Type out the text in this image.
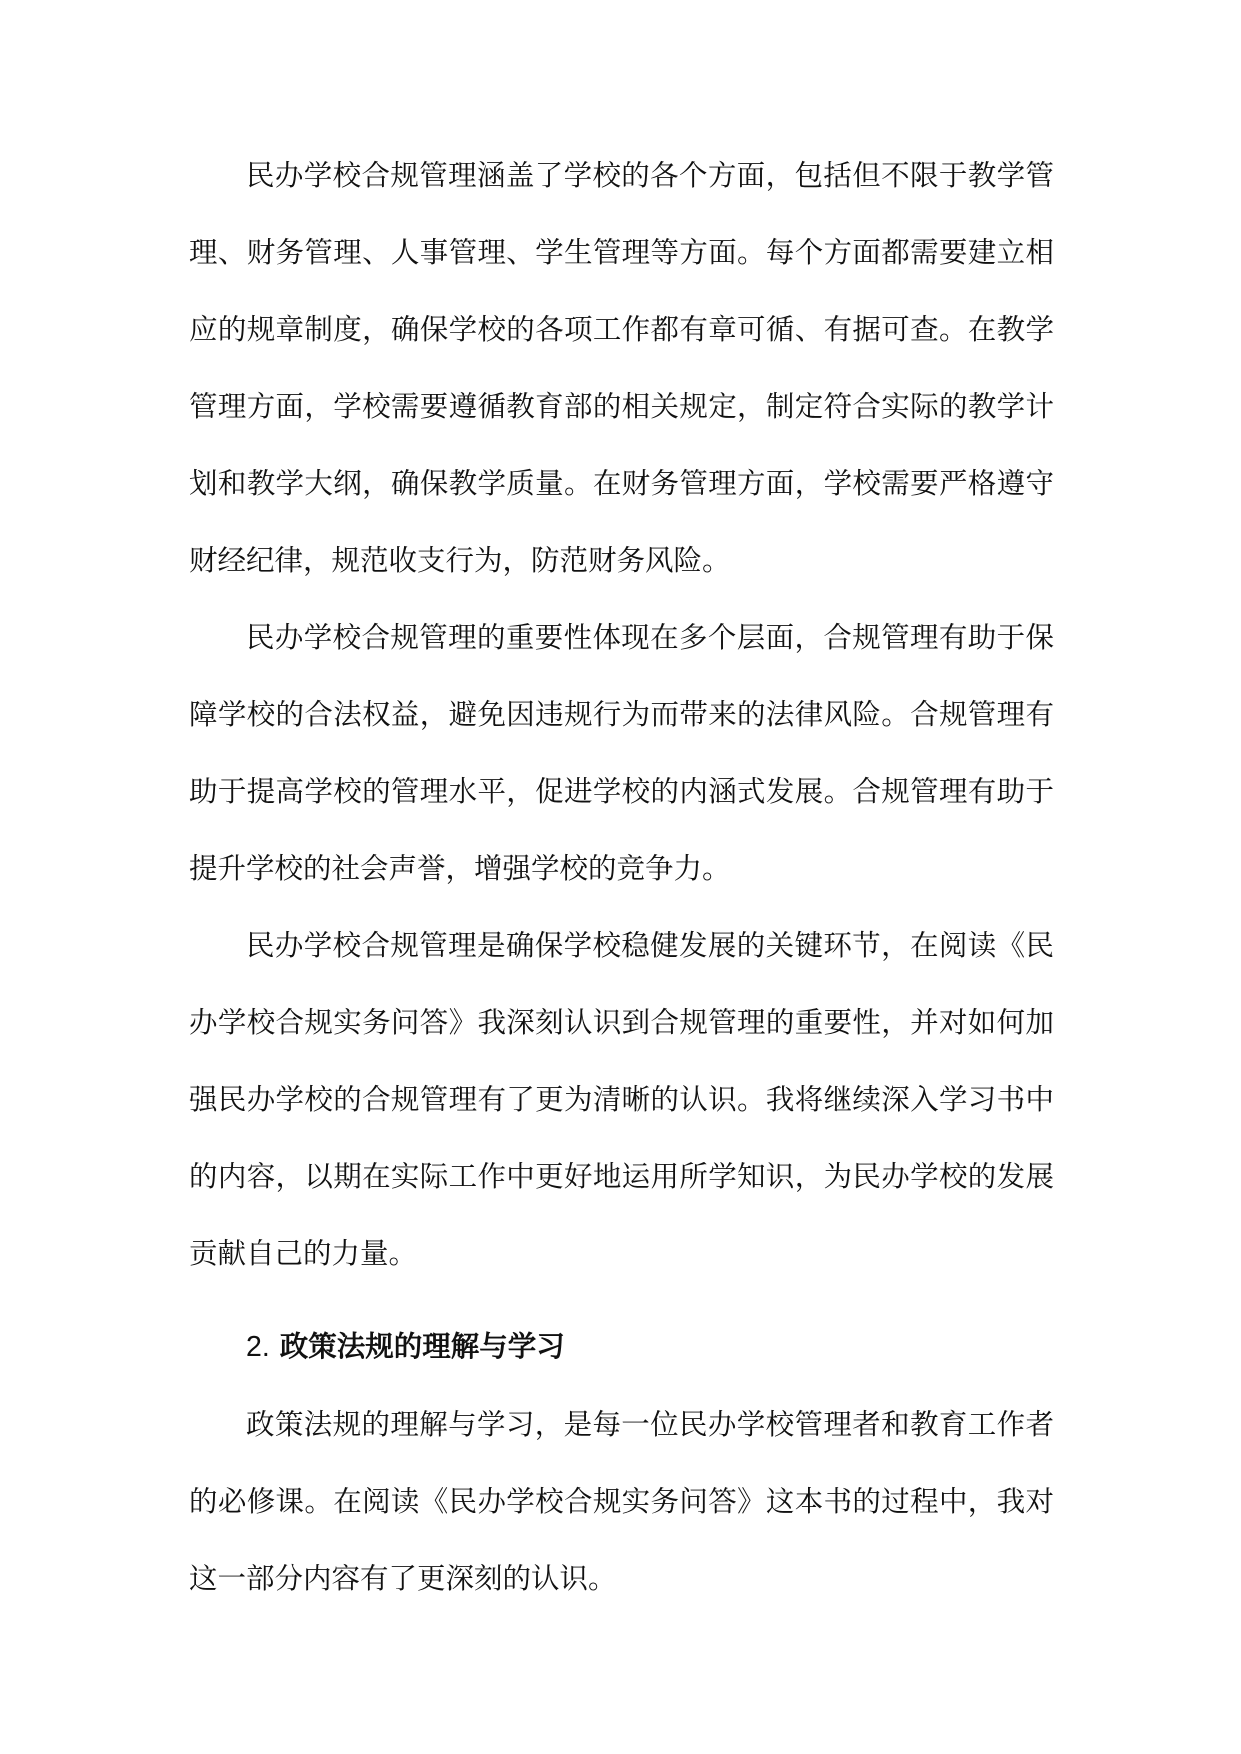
民办学校合规管理涵盖了学校的各个方面，包括但不限于教学管理、财务管理、人事管理、学生管理等方面。每个方面都需要建立相应的规章制度，确保学校的各项工作都有章可循、有据可查。在教学管理方面，学校需要遵循教育部的相关规定，制定符合实际的教学计划和教学大纲，确保教学质量。在财务管理方面，学校需要严格遵守财经纪律，规范收支行为，防范财务风险。

民办学校合规管理的重要性体现在多个层面，合规管理有助于保障学校的合法权益，避免因违规行为而带来的法律风险。合规管理有助于提高学校的管理水平，促进学校的内涵式发展。合规管理有助于提升学校的社会声誉，增强学校的竞争力。

民办学校合规管理是确保学校稳健发展的关键环节，在阅读《民办学校合规实务问答》我深刻认识到合规管理的重要性，并对如何加强民办学校的合规管理有了更为清晰的认识。我将继续深入学习书中的内容，以期在实际工作中更好地运用所学知识，为民办学校的发展贡献自己的力量。

2. 政策法规的理解与学习

政策法规的理解与学习，是每一位民办学校管理者和教育工作者的必修课。在阅读《民办学校合规实务问答》这本书的过程中，我对这一部分内容有了更深刻的认识。
